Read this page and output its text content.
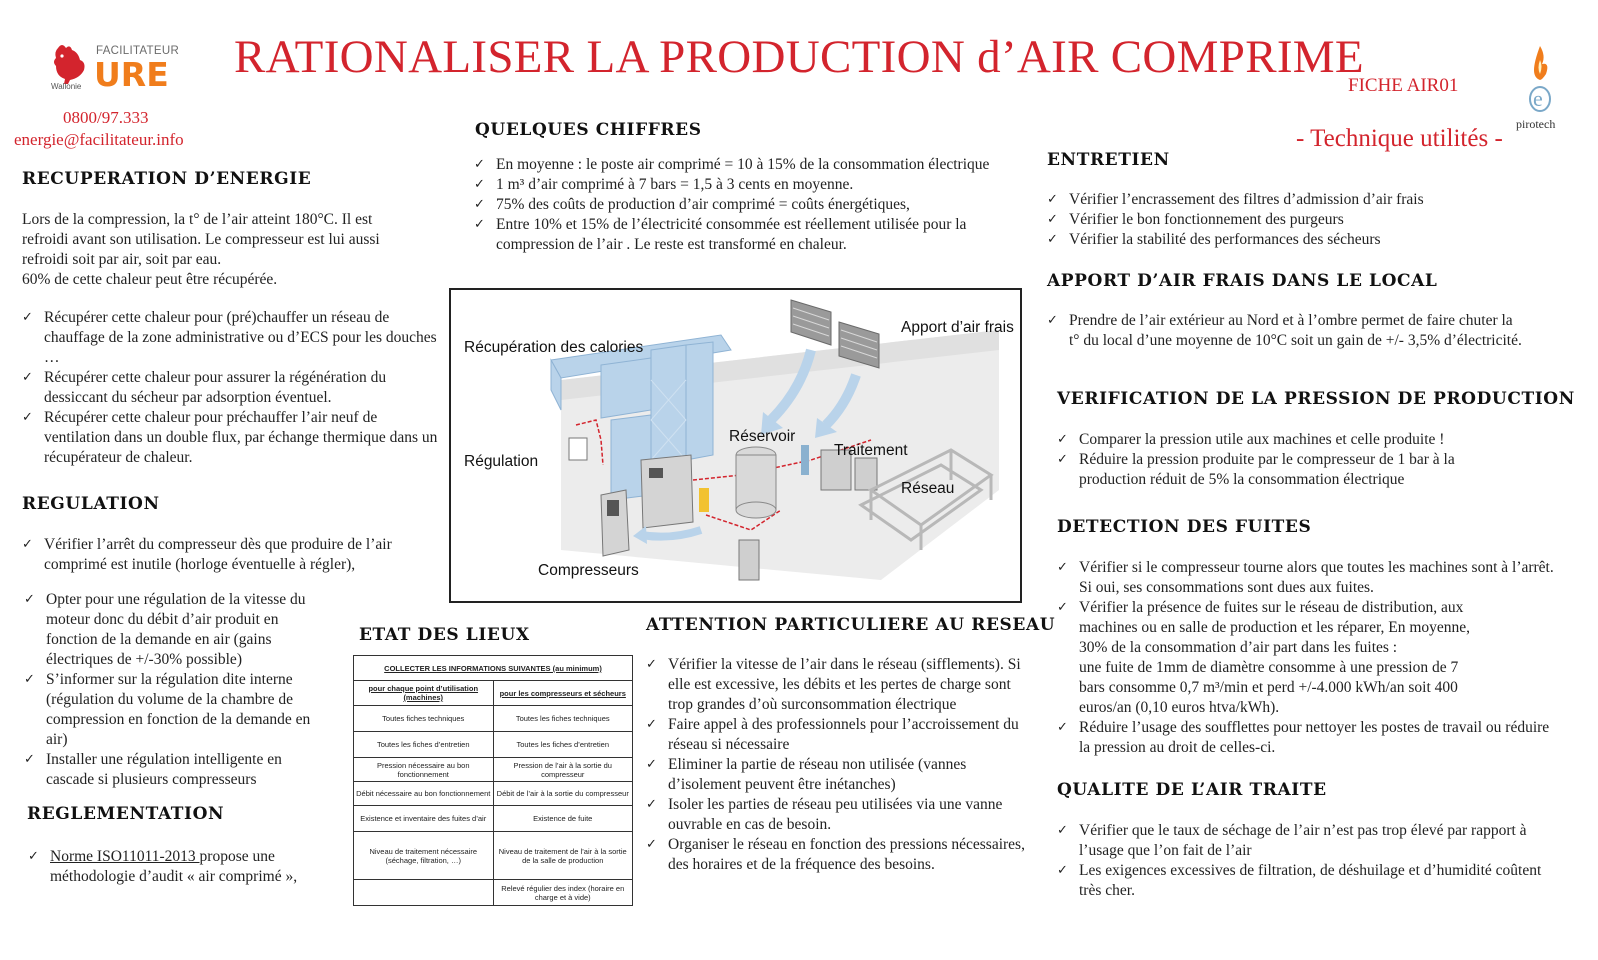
Wallonie
FACILITATEUR
URE
0800/97.333
energie@facilitateur.info
RATIONALISER LA PRODUCTION d’AIR COMPRIME
FICHE AIR01
- Technique utilités -
e
pirotech
RECUPERATION D’ENERGIE
Lors de la compression, la t° de l’air atteint 180°C. Il est
refroidi avant son utilisation. Le compresseur est lui aussi
refroidi soit par air, soit par eau.
60% de cette chaleur peut être récupérée.
✓ Récupérer cette chaleur pour (pré)chauffer un réseau de chauffage de la zone administrative ou d’ECS pour les douches …
✓ Récupérer cette chaleur pour assurer la régénération du dessiccant du sécheur par adsorption éventuel.
✓ Récupérer cette chaleur pour préchauffer l’air neuf de ventilation dans un double flux, par échange thermique dans un récupérateur de chaleur.
REGULATION
✓ Vérifier l’arrêt du compresseur dès que produire de l’air comprimé est inutile (horloge éventuelle à régler),
✓ Opter pour une régulation de la vitesse du moteur donc du débit d’air produit en fonction de la demande en air (gains électriques de +/-30% possible)
✓ S’informer sur la régulation dite interne (régulation du volume de la chambre de compression en fonction de la demande en air)
✓ Installer une régulation intelligente en cascade si plusieurs compresseurs
REGLEMENTATION
✓ Norme ISO11011-2013 propose une méthodologie d’audit « air comprimé »,
QUELQUES CHIFFRES
✓ En moyenne : le poste air comprimé = 10 à 15% de la consommation électrique
✓ 1 m³ d’air comprimé à 7 bars = 1,5 à 3 cents en moyenne.
✓ 75% des coûts de production d’air comprimé = coûts énergétiques,
✓ Entre 10% et 15% de l’électricité consommée est réellement utilisée pour la compression de l’air . Le reste est transformé en chaleur.
Récupération des calories
Apport d’air frais
Réservoir
Traitement
Régulation
Réseau
Compresseurs
ETAT DES LIEUX
COLLECTER LES INFORMATIONS SUIVANTES (au minimum)	
pour chaque point d’utilisation (machines)	pour les compresseurs et sécheurs
Toutes fiches techniques	Toutes les fiches techniques
Toutes les fiches d’entretien	Toutes les fiches d’entretien
Pression nécessaire au bon fonctionnement	Pression de l’air à la sortie du compresseur
Débit nécessaire au bon fonctionnement	Débit de l’air à la sortie du compresseur
Existence et inventaire des fuites d’air	Existence de fuite
Niveau de traitement nécessaire (séchage, filtration, …)	Niveau de traitement de l’air à la sortie de la salle de production
	Relevé régulier des index (horaire en charge et à vide)
ATTENTION PARTICULIERE AU RESEAU
✓ Vérifier la vitesse de l’air dans le réseau (sifflements). Si elle est excessive, les débits et les pertes de charge sont trop grandes d’où surconsommation électrique
✓ Faire appel à des professionnels pour l’accroissement du réseau si nécessaire
✓ Eliminer la partie de réseau non utilisée (vannes d’isolement peuvent être inétanches)
✓ Isoler les parties de réseau peu utilisées via une vanne ouvrable en cas de besoin.
✓ Organiser le réseau en fonction des pressions nécessaires, des horaires et de la fréquence des besoins.
ENTRETIEN
✓ Vérifier l’encrassement des filtres d’admission d’air frais
✓ Vérifier le bon fonctionnement des purgeurs
✓ Vérifier la stabilité des performances des sécheurs
APPORT D’AIR FRAIS DANS LE LOCAL
✓ Prendre de l’air extérieur au Nord et à l’ombre permet de faire chuter la t° du local d’une moyenne de 10°C soit un gain de +/- 3,5% d’électricité.
VERIFICATION DE LA PRESSION DE PRODUCTION
✓ Comparer la pression utile aux machines et celle produite !
✓ Réduire la pression produite par le compresseur de 1 bar à la production réduit de 5% la consommation électrique
DETECTION DES FUITES
✓ Vérifier si le compresseur tourne alors que toutes les machines sont à l’arrêt. Si oui, ses consommations sont dues aux fuites.
✓ Vérifier la présence de fuites sur le réseau de distribution, aux
machines ou en salle de production et les réparer, En moyenne,
30% de la consommation d’air part dans les fuites :
une fuite de 1mm de diamètre consomme à une pression de 7
bars consomme 0,7 m³/min et perd +/-4.000 kWh/an soit 400
euros/an (0,10 euros htva/kWh).
✓ Réduire l’usage des soufflettes pour nettoyer les postes de travail ou réduire la pression au droit de celles-ci.
QUALITE DE L’AIR TRAITE
✓ Vérifier que le taux de séchage de l’air n’est pas trop élevé par rapport à l’usage que l’on fait de l’air
✓ Les exigences excessives de filtration, de déshuilage et d’humidité coûtent très cher.
